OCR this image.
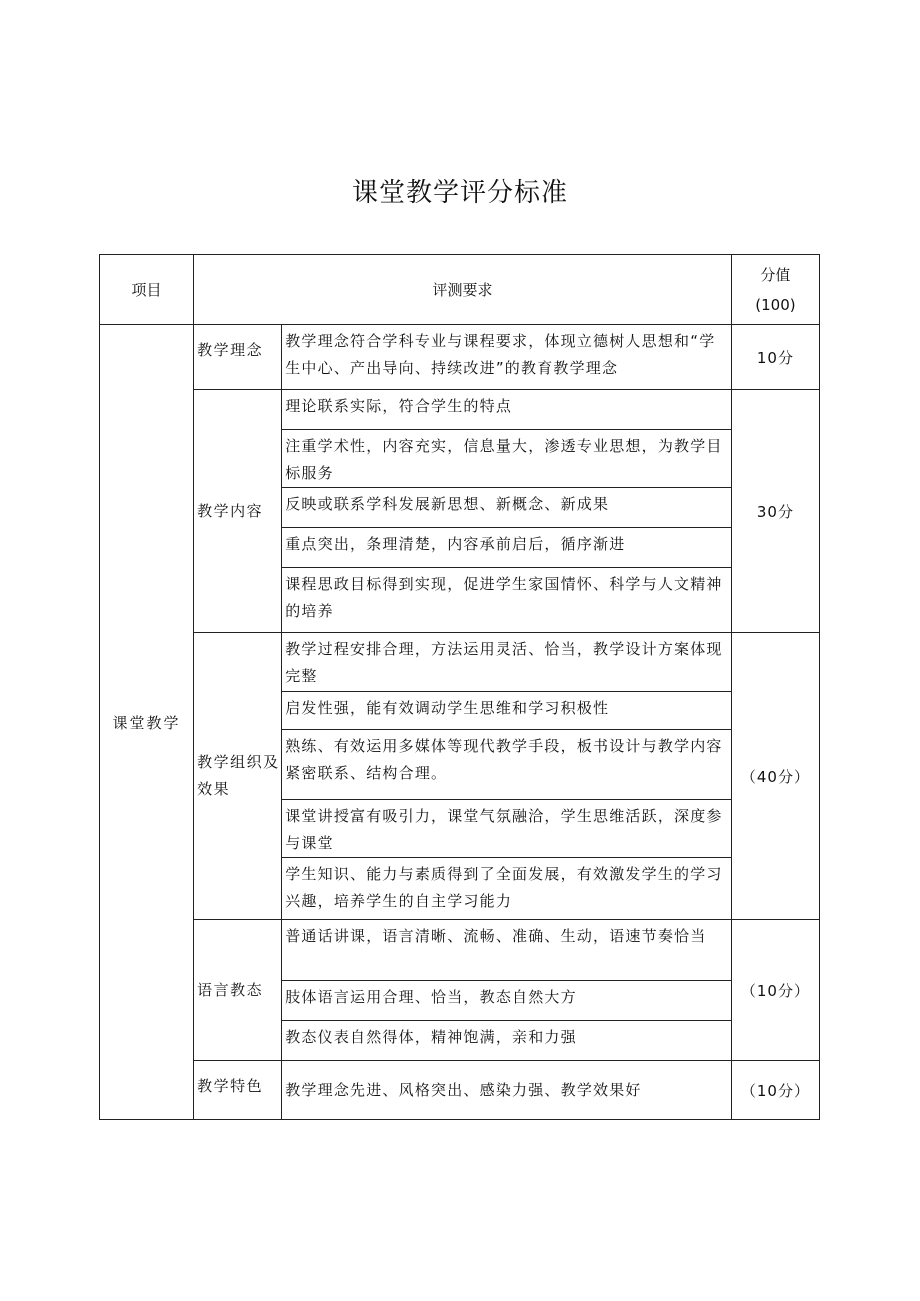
课堂教学评分标准
项目	评测要求		分值
(100)

课堂教学	教学理念	教学理念符合学科专业与课程要求，体现立德树人思想和“学生中心、产出导向、持续改进”的教育教学理念	10分
	教学内容	理论联系实际，符合学生的特点	30分
		注重学术性，内容充实，信息量大，渗透专业思想，为教学目标服务	
		反映或联系学科发展新思想、新概念、新成果	
		重点突出，条理清楚，内容承前启后，循序渐进	
		课程思政目标得到实现，促进学生家国情怀、科学与人文精神的培养	
	教学组织及效果	教学过程安排合理，方法运用灵活、恰当，教学设计方案体现完整	（40分）
		启发性强，能有效调动学生思维和学习积极性	
		熟练、有效运用多媒体等现代教学手段，板书设计与教学内容紧密联系、结构合理。	
		课堂讲授富有吸引力，课堂气氛融洽，学生思维活跃，深度参与课堂	
		学生知识、能力与素质得到了全面发展，有效激发学生的学习兴趣，培养学生的自主学习能力	
	语言教态	普通话讲课，语言清晰、流畅、准确、生动，语速节奏恰当	（10分）
		肢体语言运用合理、恰当，教态自然大方	
		教态仪表自然得体，精神饱满，亲和力强	
	教学特色	教学理念先进、风格突出、感染力强、教学效果好	（10分）
